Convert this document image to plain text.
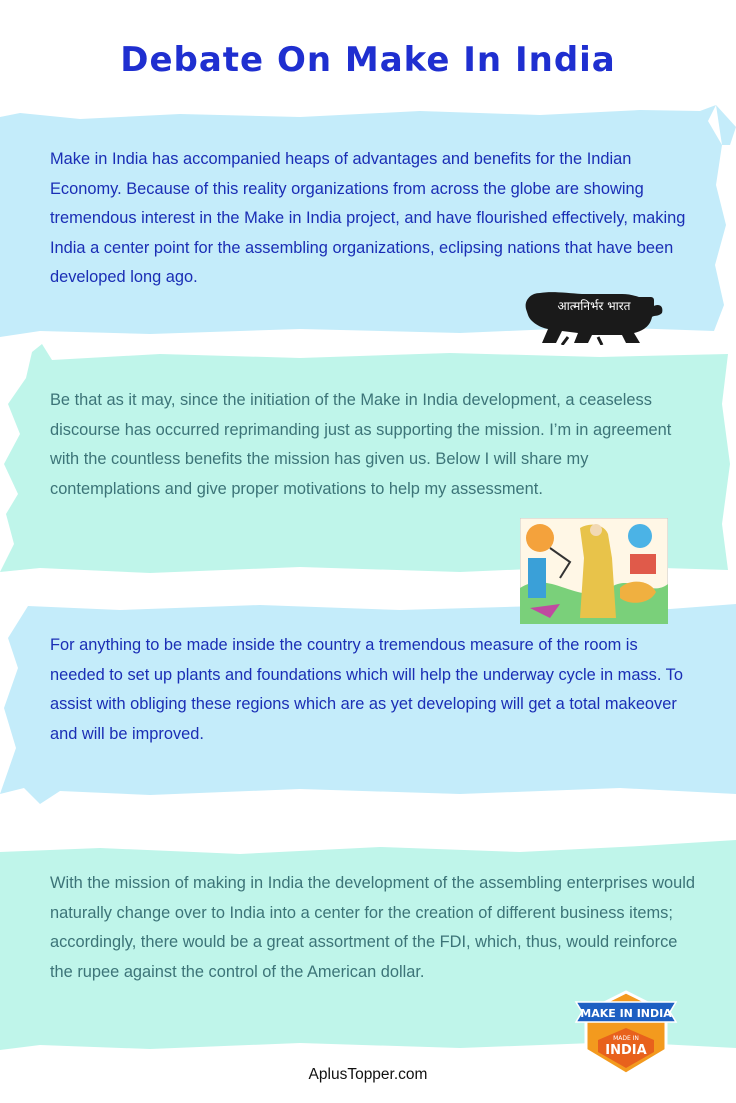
Debate On Make In India

Make in India has accompanied heaps of advantages and benefits for the Indian Economy. Because of this reality organizations from across the globe are showing tremendous interest in the Make in India project, and have flourished effectively, making India a center point for the assembling organizations, eclipsing nations that have been developed long ago.

Be that as it may, since the initiation of the Make in India development, a ceaseless discourse has occurred reprimanding just as supporting the mission. I’m in agreement with the countless benefits the mission has given us. Below I will share my contemplations and give proper motivations to help my assessment.

For anything to be made inside the country a tremendous measure of the room is needed to set up plants and foundations which will help the underway cycle in mass. To assist with obliging these regions which are as yet developing will get a total makeover and will be improved.

With the mission of making in India the development of the assembling enterprises would naturally change over to India into a center for the creation of different business items; accordingly, there would be a great assortment of the FDI, which, thus, would reinforce the rupee against the control of the American dollar.

आत्मनिर्भर भारत
MAKE IN INDIA
MADE IN
INDIA

AplusTopper.com
